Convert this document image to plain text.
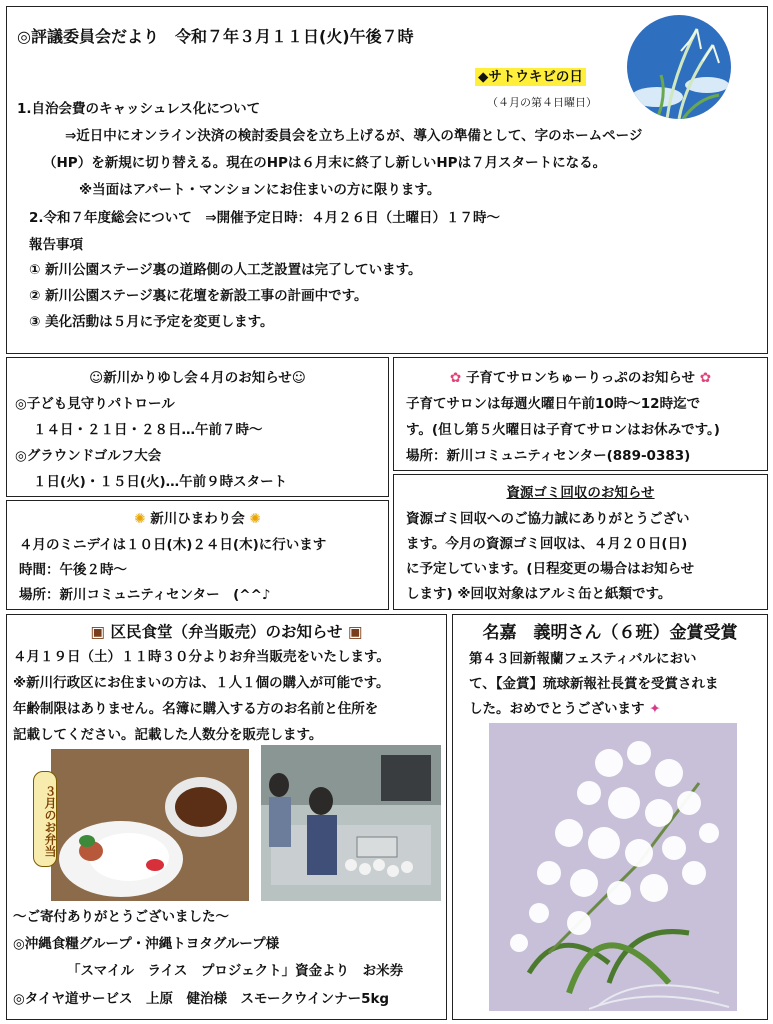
◎評議委員会だより　令和７年３月１１日(火)午後７時
◆サトウキビの日
（４月の第４日曜日）
1.自治会費のキャッシュレス化について
⇒近日中にオンライン決済の検討委員会を立ち上げるが、導入の準備として、字のホームページ
（HP）を新規に切り替える。現在のHPは６月末に終了し新しいHPは７月スタートになる。
※当面はアパート・マンションにお住まいの方に限ります。
2.令和７年度総会について　⇒開催予定日時：４月２６日（土曜日）１７時～
報告事項
① 新川公園ステージ裏の道路側の人工芝設置は完了しています。
② 新川公園ステージ裏に花壇を新設工事の計画中です。
③ 美化活動は５月に予定を変更します。
☺新川かりゆし会４月のお知らせ☺
◎子ども見守りパトロール
１４日・２１日・２８日…午前７時～
◎グラウンドゴルフ大会
１日(火)・１５日(火)…午前９時スタート
✿ 子育てサロンちゅーりっぷのお知らせ ✿
子育てサロンは毎週火曜日午前10時～12時迄で
す。(但し第５火曜日は子育てサロンはお休みです。)
場所：新川コミュニティセンター(889-0383)
✺ 新川ひまわり会 ✺
４月のミニデイは１０日(木)２４日(木)に行います
時間：午後２時～
場所：新川コミュニティセンター　(^^♪
資源ゴミ回収のお知らせ
資源ゴミ回収へのご協力誠にありがとうござい
ます。今月の資源ゴミ回収は、４月２０日(日)
に予定しています。(日程変更の場合はお知らせ
します) ※回収対象はアルミ缶と紙類です。
▣ 区民食堂（弁当販売）のお知らせ ▣
４月１９日（土）１１時３０分よりお弁当販売をいたします。
※新川行政区にお住まいの方は、１人１個の購入が可能です。
年齢制限はありません。名簿に購入する方のお名前と住所を
記載してください。記載した人数分を販売します。
３月のお弁当
～ご寄付ありがとうございました～
◎沖縄食糧グループ・沖縄トヨタグループ様
「スマイル　ライス　プロジェクト」資金より　お米券
◎タイヤ道サービス　上原　健治様　スモークウインナー5kg
名嘉　義明さん（６班）金賞受賞
第４３回新報蘭フェスティバルにおい
て、【金賞】琉球新報社長賞を受賞されま
した。おめでとうございます ✦
